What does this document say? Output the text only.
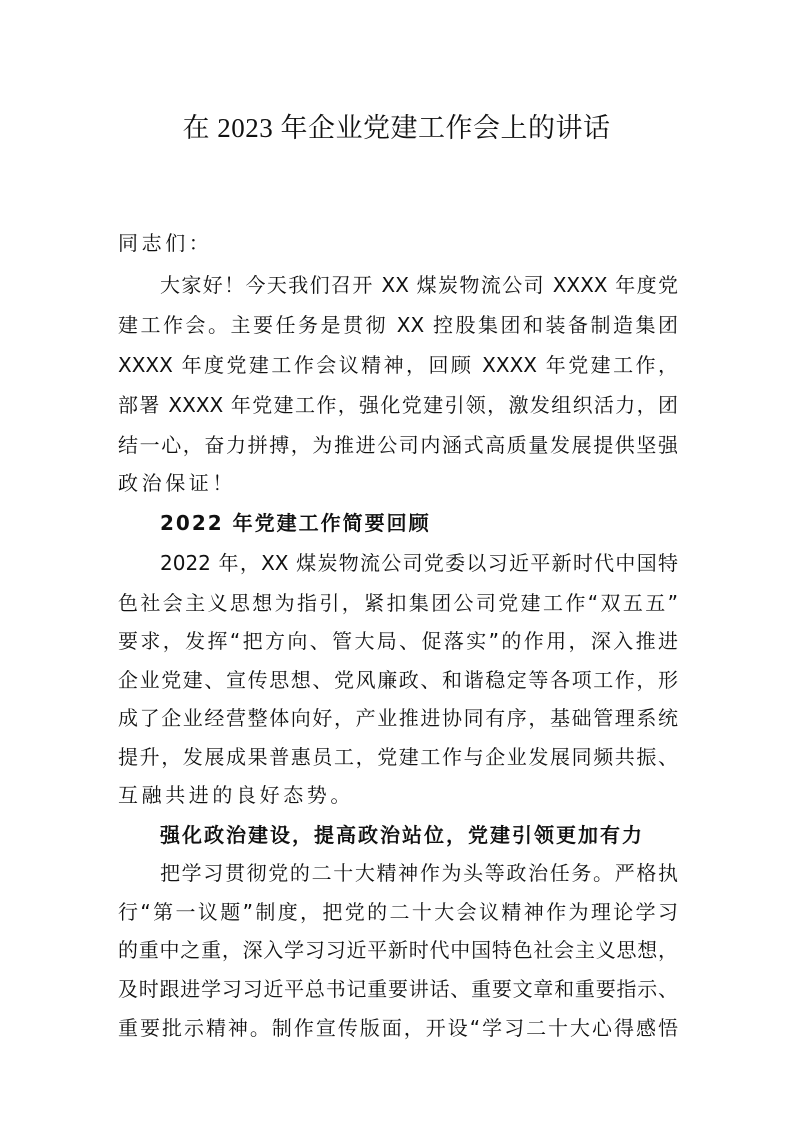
在 2023 年企业党建工作会上的讲话
同志们：
大家好！今天我们召开 XX 煤炭物流公司 XXXX 年度党
建工作会。主要任务是贯彻 XX 控股集团和装备制造集团
XXXX 年度党建工作会议精神，回顾 XXXX 年党建工作，
部署 XXXX 年党建工作，强化党建引领，激发组织活力，团
结一心，奋力拼搏，为推进公司内涵式高质量发展提供坚强
政治保证！
2022 年党建工作简要回顾
2022 年，XX 煤炭物流公司党委以习近平新时代中国特
色社会主义思想为指引，紧扣集团公司党建工作“双五五”
要求，发挥“把方向、管大局、促落实”的作用，深入推进
企业党建、宣传思想、党风廉政、和谐稳定等各项工作，形
成了企业经营整体向好，产业推进协同有序，基础管理系统
提升，发展成果普惠员工，党建工作与企业发展同频共振、
互融共进的良好态势。
强化政治建设，提高政治站位，党建引领更加有力
把学习贯彻党的二十大精神作为头等政治任务。严格执
行“第一议题”制度，把党的二十大会议精神作为理论学习
的重中之重，深入学习习近平新时代中国特色社会主义思想，
及时跟进学习习近平总书记重要讲话、重要文章和重要指示、
重要批示精神。制作宣传版面，开设“学习二十大心得感悟
